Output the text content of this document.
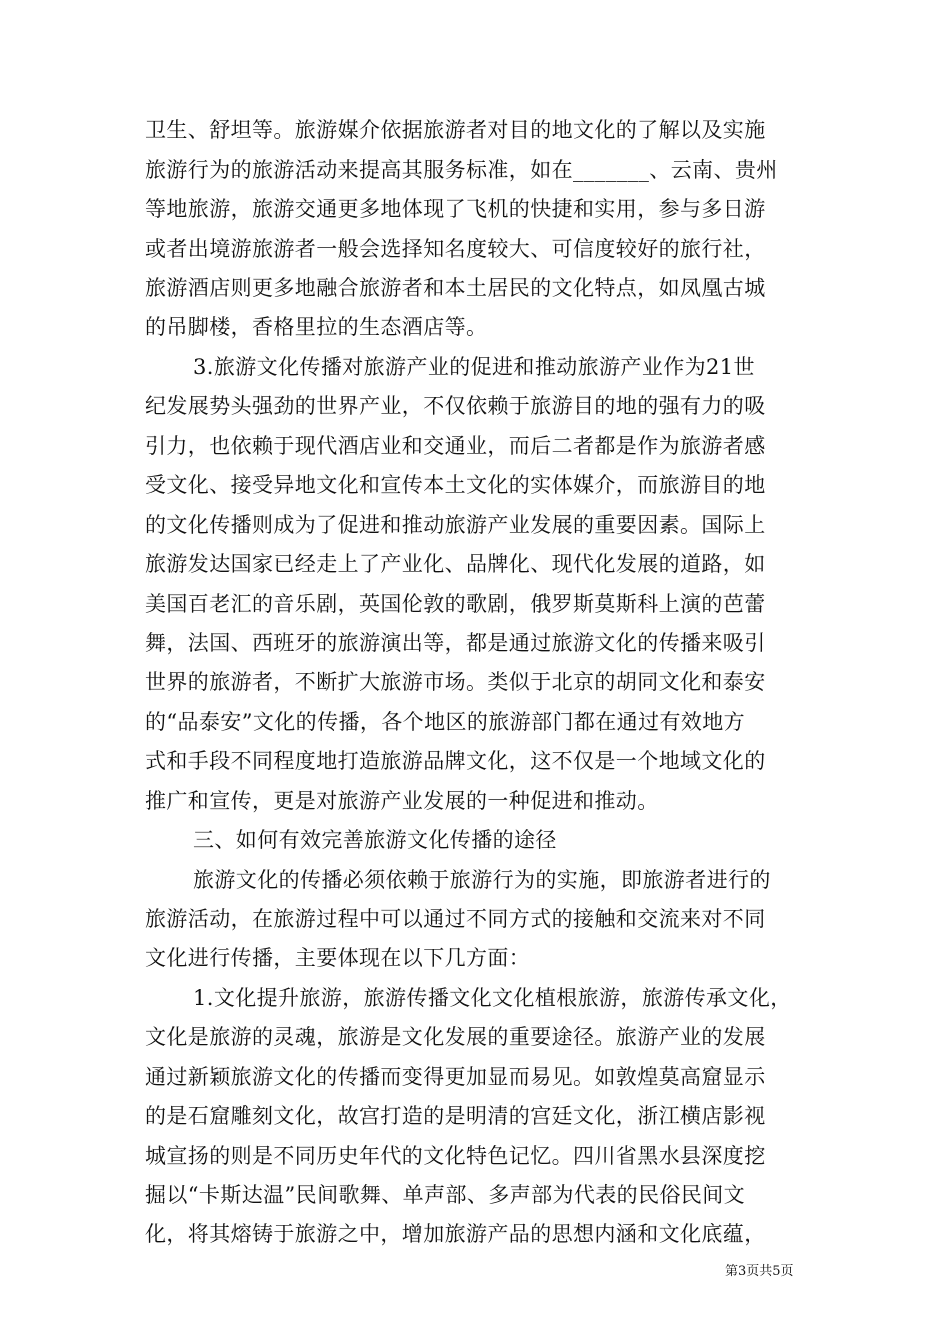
卫生、舒坦等。旅游媒介依据旅游者对目的地文化的了解以及实施
旅游行为的旅游活动来提高其服务标准，如在_______、云南、贵州
等地旅游，旅游交通更多地体现了飞机的快捷和实用，参与多日游
或者出境游旅游者一般会选择知名度较大、可信度较好的旅行社，
旅游酒店则更多地融合旅游者和本土居民的文化特点，如凤凰古城
的吊脚楼，香格里拉的生态酒店等。
3.旅游文化传播对旅游产业的促进和推动旅游产业作为21世
纪发展势头强劲的世界产业，不仅依赖于旅游目的地的强有力的吸
引力，也依赖于现代酒店业和交通业，而后二者都是作为旅游者感
受文化、接受异地文化和宣传本土文化的实体媒介，而旅游目的地
的文化传播则成为了促进和推动旅游产业发展的重要因素。国际上
旅游发达国家已经走上了产业化、品牌化、现代化发展的道路，如
美国百老汇的音乐剧，英国伦敦的歌剧，俄罗斯莫斯科上演的芭蕾
舞，法国、西班牙的旅游演出等，都是通过旅游文化的传播来吸引
世界的旅游者，不断扩大旅游市场。类似于北京的胡同文化和泰安
的“品泰安”文化的传播，各个地区的旅游部门都在通过有效地方
式和手段不同程度地打造旅游品牌文化，这不仅是一个地域文化的
推广和宣传，更是对旅游产业发展的一种促进和推动。
三、如何有效完善旅游文化传播的途径
旅游文化的传播必须依赖于旅游行为的实施，即旅游者进行的
旅游活动，在旅游过程中可以通过不同方式的接触和交流来对不同
文化进行传播，主要体现在以下几方面：
1.文化提升旅游，旅游传播文化文化植根旅游，旅游传承文化，
文化是旅游的灵魂，旅游是文化发展的重要途径。旅游产业的发展
通过新颖旅游文化的传播而变得更加显而易见。如敦煌莫高窟显示
的是石窟雕刻文化，故宫打造的是明清的宫廷文化，浙江横店影视
城宣扬的则是不同历史年代的文化特色记忆。四川省黑水县深度挖
掘以“卡斯达温”民间歌舞、单声部、多声部为代表的民俗民间文
化，将其熔铸于旅游之中，增加旅游产品的思想内涵和文化底蕴，
第3页共5页
